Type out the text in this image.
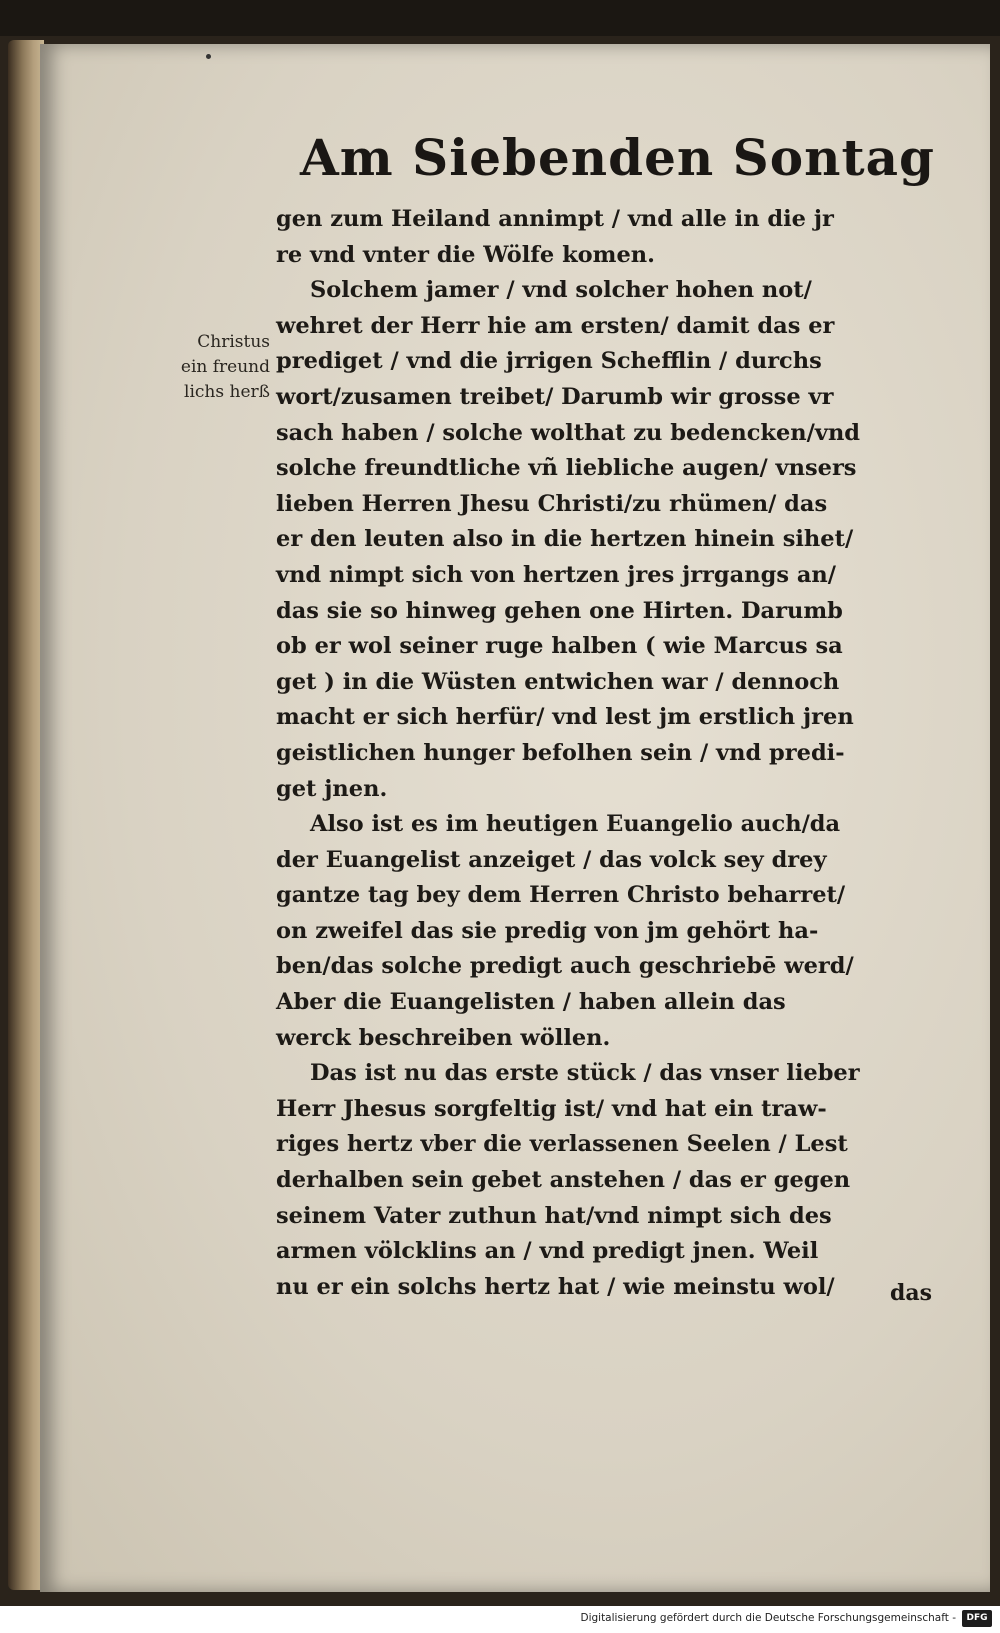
Am Siebenden Sontag
Christus
ein freund
lichs herß
gen zum Heiland annimpt / vnd alle in die jr
re vnd vnter die Wölfe komen.
Solchem jamer / vnd solcher hohen not/
wehret der Herr hie am ersten/ damit das er
prediget / vnd die jrrigen Schefflin / durchs
wort/zusamen treibet/ Darumb wir grosse vr
sach haben / solche wolthat zu bedencken/vnd
solche freundtliche vñ liebliche augen/ vnsers
lieben Herren Jhesu Christi/zu rhümen/ das
er den leuten also in die hertzen hinein sihet/
vnd nimpt sich von hertzen jres jrrgangs an/
das sie so hinweg gehen one Hirten. Darumb
ob er wol seiner ruge halben ( wie Marcus sa
get ) in die Wüsten entwichen war / dennoch
macht er sich herfür/ vnd lest jm erstlich jren
geistlichen hunger befolhen sein / vnd predi-
get jnen.
Also ist es im heutigen Euangelio auch/da
der Euangelist anzeiget / das volck sey drey
gantze tag bey dem Herren Christo beharret/
on zweifel das sie predig von jm gehört ha-
ben/das solche predigt auch geschriebē werd/
Aber die Euangelisten / haben allein das
werck beschreiben wöllen.
Das ist nu das erste stück / das vnser lieber
Herr Jhesus sorgfeltig ist/ vnd hat ein traw-
riges hertz vber die verlassenen Seelen / Lest
derhalben sein gebet anstehen / das er gegen
seinem Vater zuthun hat/vnd nimpt sich des
armen völcklins an / vnd predigt jnen. Weil
nu er ein solchs hertz hat / wie meinstu wol/	das
Digitalisierung gefördert durch die Deutsche Forschungsgemeinschaft -	DFG
